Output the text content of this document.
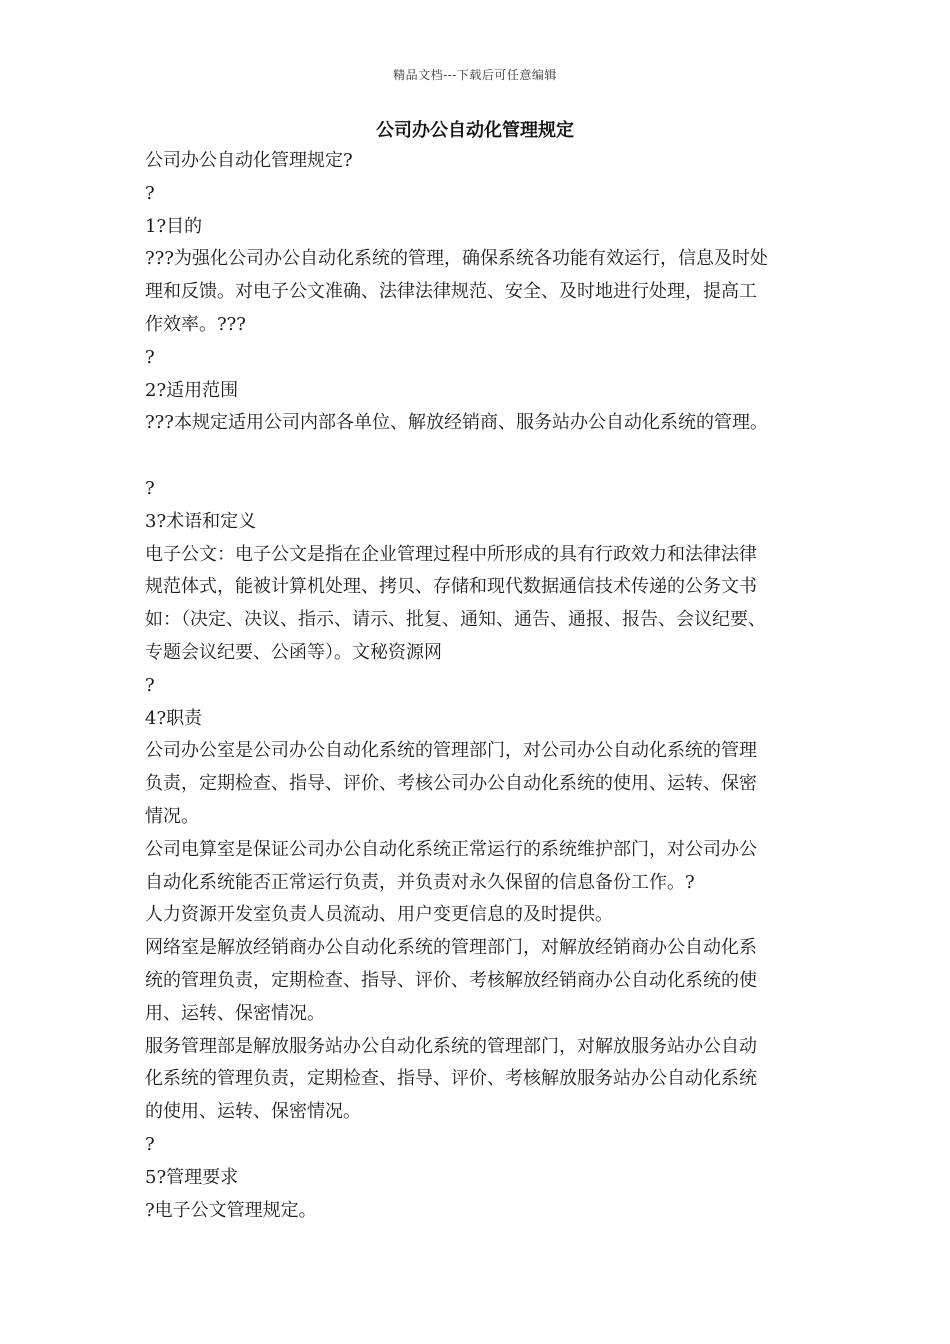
精品文档---下载后可任意编辑
公司办公自动化管理规定
公司办公自动化管理规定?
?
1?目的
???为强化公司办公自动化系统的管理，确保系统各功能有效运行，信息及时处
理和反馈。对电子公文准确、法律法律规范、安全、及时地进行处理，提高工
作效率。???
?
2?适用范围
???本规定适用公司内部各单位、解放经销商、服务站办公自动化系统的管理。
?
3?术语和定义
电子公文：电子公文是指在企业管理过程中所形成的具有行政效力和法律法律
规范体式，能被计算机处理、拷贝、存储和现代数据通信技术传递的公务文书
如：（决定、决议、指示、请示、批复、通知、通告、通报、报告、会议纪要、
专题会议纪要、公函等）。文秘资源网
?
4?职责
公司办公室是公司办公自动化系统的管理部门，对公司办公自动化系统的管理
负责，定期检查、指导、评价、考核公司办公自动化系统的使用、运转、保密
情况。
公司电算室是保证公司办公自动化系统正常运行的系统维护部门，对公司办公
自动化系统能否正常运行负责，并负责对永久保留的信息备份工作。?
人力资源开发室负责人员流动、用户变更信息的及时提供。
网络室是解放经销商办公自动化系统的管理部门，对解放经销商办公自动化系
统的管理负责，定期检查、指导、评价、考核解放经销商办公自动化系统的使
用、运转、保密情况。
服务管理部是解放服务站办公自动化系统的管理部门，对解放服务站办公自动
化系统的管理负责，定期检查、指导、评价、考核解放服务站办公自动化系统
的使用、运转、保密情况。
?
5?管理要求
?电子公文管理规定。
